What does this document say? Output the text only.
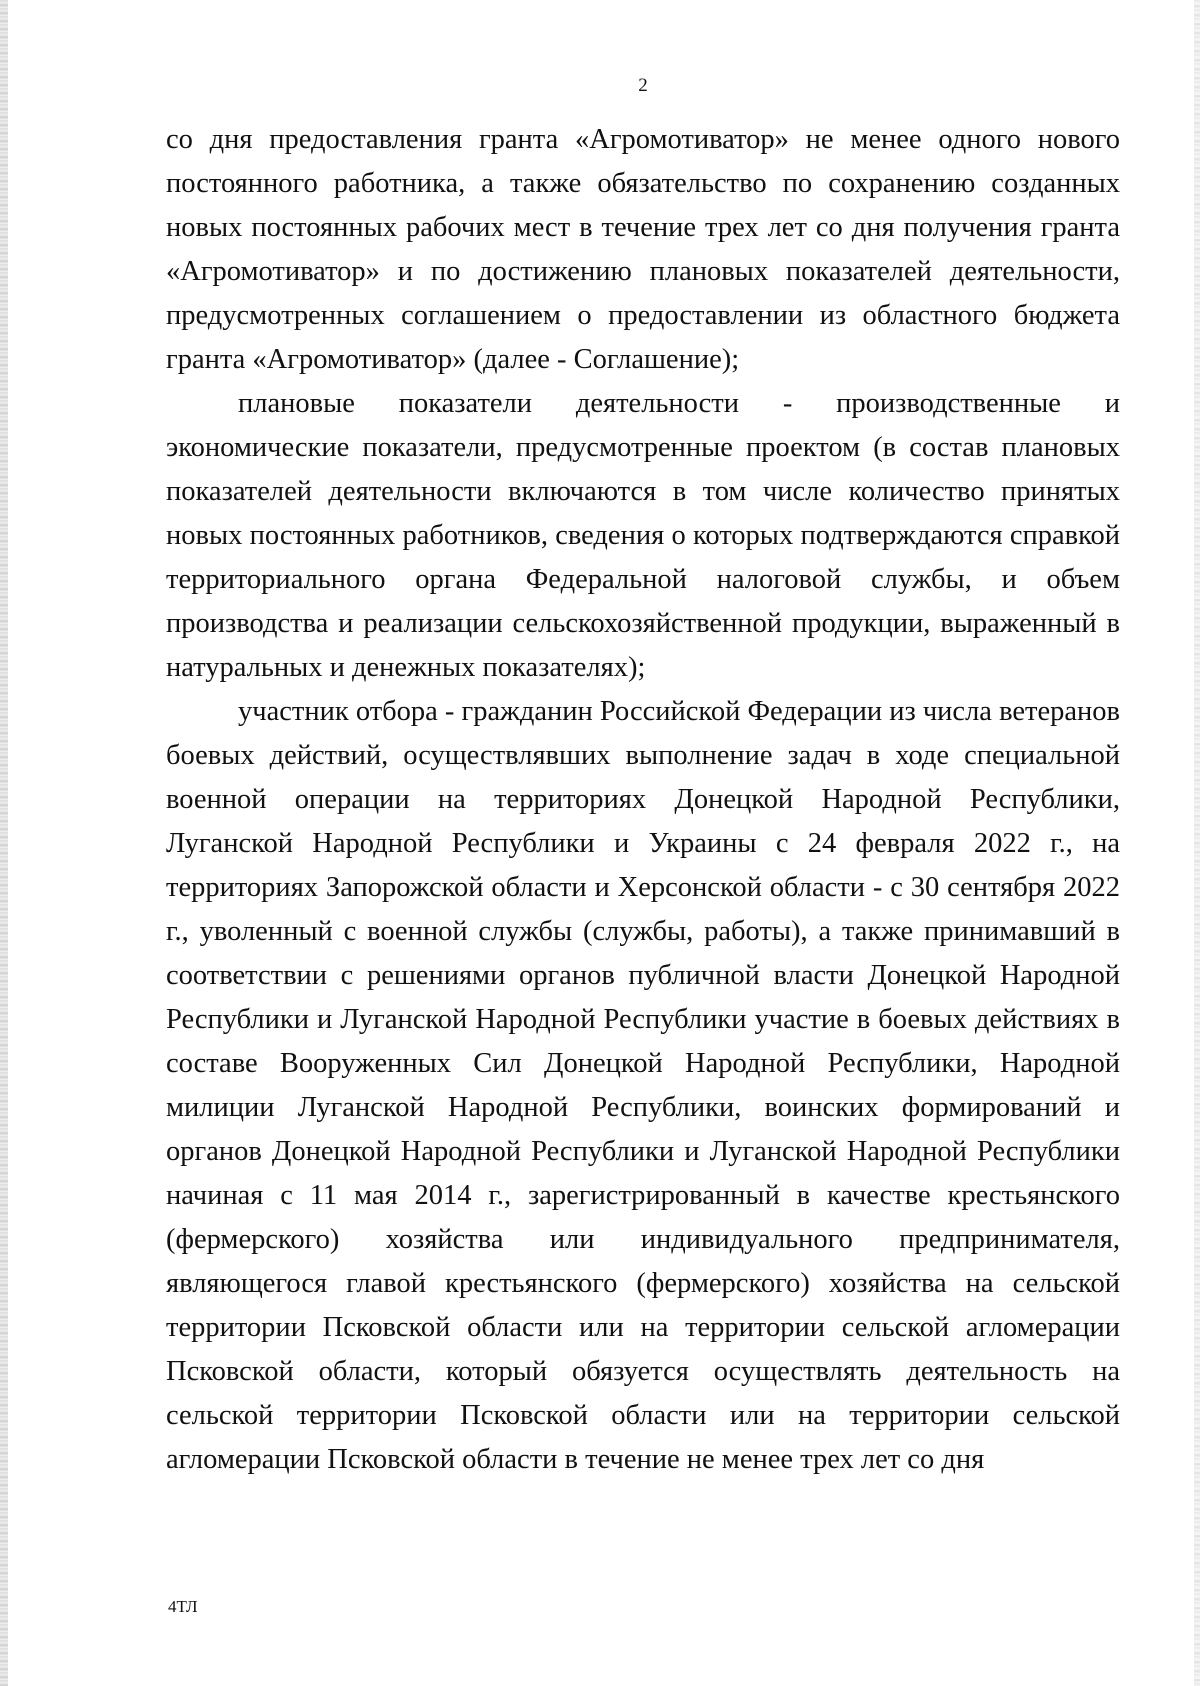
2

со дня предоставления гранта «Агромотиватор» не менее одного нового постоянного работника, а также обязательство по сохранению созданных новых постоянных рабочих мест в течение трех лет со дня получения гранта «Агромотиватор» и по достижению плановых показателей деятельности, предусмотренных соглашением о предоставлении из областного бюджета гранта «Агромотиватор» (далее - Соглашение);

плановые показатели деятельности - производственные и экономические показатели, предусмотренные проектом (в состав плановых показателей деятельности включаются в том числе количество принятых новых постоянных работников, сведения о которых подтверждаются справкой территориального органа Федеральной налоговой службы, и объем производства и реализации сельскохозяйственной продукции, выраженный в натуральных и денежных показателях);

участник отбора - гражданин Российской Федерации из числа ветеранов боевых действий, осуществлявших выполнение задач в ходе специальной военной операции на территориях Донецкой Народной Республики, Луганской Народной Республики и Украины с 24 февраля 2022 г., на территориях Запорожской области и Херсонской области - с 30 сентября 2022 г., уволенный с военной службы (службы, работы), а также принимавший в соответствии с решениями органов публичной власти Донецкой Народной Республики и Луганской Народной Республики участие в боевых действиях в составе Вооруженных Сил Донецкой Народной Республики, Народной милиции Луганской Народной Республики, воинских формирований и органов Донецкой Народной Республики и Луганской Народной Республики начиная с 11 мая 2014 г., зарегистрированный в качестве крестьянского (фермерского) хозяйства или индивидуального предпринимателя, являющегося главой крестьянского (фермерского) хозяйства на сельской территории Псковской области или на территории сельской агломерации Псковской области, который обязуется осуществлять деятельность на сельской территории Псковской области или на территории сельской агломерации Псковской области в течение не менее трех лет со дня

4ТЛ
